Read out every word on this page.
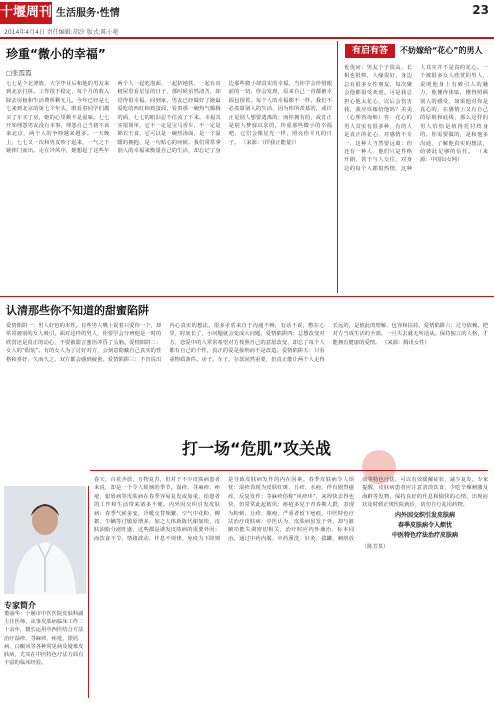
十堰周刊 生活服务·性情
2014年4月4日 责任编辑:胡汐 版式:陈小艳
23
珍重“微小的幸福”
□张霞霞
七七是个北漂族，大学毕业后和他的男友来到北京打拼。工作很不稳定，每个月的收入除去房租和生活费所剩无几。今年已经是七七来到北京的第七个年头，眼看着同学们都买了车买了房，她的心里颇不是滋味。七七开始埋怨男友没有本事，埋怨自己当初不该来北京，两个人的争吵越来越多。一天晚上，七七又一次和男友吵了起来，一气之下她摔门而出。走在冷风中，她想起了这些年两个人一起吃泡面、一起挤地铁、一起在出租屋里看星星的日子，那时候虽然清苦，却觉得很幸福。回到家，男友已经做好了她最爱吃的西红柿鸡蛋面，看着那一碗热气腾腾的面，七七的眼泪忍不住流了下来。幸福其实很简单，它不一定是宝马香车，不一定是锦衣玉食，它可以是一碗热汤面，是一个温暖的拥抱，是一句贴心的问候。我们常常拿别人的幸福来衡量自己的生活，却忘记了身边那些微小却真实的幸福。当你学会珍惜眼前的一切，你会发现，原来自己一直都被幸福包围着。每个人的幸福都不一样，我们不必羡慕别人的生活，因为你所羡慕的，或许正是别人想要逃离的；而你拥有的，或许正是别人梦寐以求的。珍重那些微小的幸福吧，它们会像星光一样，照亮你平凡的日子。 （来源：《伴我正能量》）
有启有答	不妨嫁给“花心”的男人
优优问：男友个子很高，长相也很帅，人缘很好，身边总有很多女性朋友，每次聚会他都很受欢迎。可是我总担心他太花心，以后会伤害我，我应该嫁给他吗？美美（心理咨询师）答：花心的男人其实有很多种，有的人是真正的花心，对感情不专一，这种人当然要远离；但还有一种人，他们只是性格开朗，善于与人交往，对身边的每个人都很热情，这种人其实并不是真的花心。一个被很多女人欣赏的男人，说明他身上有吸引人的魅力，他懂得体贴，懂得照顾别人的感受。如果他对你是真心的，在感情上又有自己的原则和底线，那么这样的男人恰恰是值得托付终身的。你需要做的，是和他多沟通，了解他真实的想法，给彼此足够的信任。 （来源：中国妇女网）
认清那些你不知道的甜蜜陷阱
爱情陷阱一：男人好色的本性。有些男人嘴上说着只爱你一个，却常常被别的女人吸引。面对这样的男人，你要学会分辨他是一时的欣赏还是真正的动心，不要被甜言蜜语冲昏了头脑。爱情陷阱二：女人的“假装”。有的女人为了讨好对方，会刻意隐藏自己真实的性格和喜好，久而久之，双方都会感到疲惫。爱情陷阱三：不肯说出内心真实的想法。很多矛盾来自于沟通不畅，有话不说，憋在心里，时间长了，小问题就会变成大问题。爱情陷阱四：总想改变对方。恋爱中的人常常希望对方按照自己的意愿改变，却忘了每个人都有自己的个性，真正的爱是接纳而不是改造。爱情陷阱五：只看重物质条件。房子、车子、存款固然重要，但真正能让两个人走得长远的，是彼此的理解、包容和扶持。爱情陷阱六：过分依赖。把对方当成生活的全部，一旦失去就无所适从。保持独立的人格，才能拥有健康的爱情。 （来源：腾讯女性）
打一场“危肌”攻关战
专家简介
董丽华：十堰市中医医院皮肤科副主任医师，从事皮肤病临床工作二十余年，擅长运用中西医结合方法治疗湿疹、荨麻疹、痤疮、银屑病、白癜风等各种常见病及疑难皮肤病，尤其在中医特色疗法方面有丰富的临床经验。
春天，百花齐放，万物复苏，但对于不少皮肤病患者来说，却是一个令人烦恼的季节。湿疹、荨麻疹、痤疮、银屑病等皮肤病在春季容易复发或加重，给患者的工作和生活带来诸多不便。内外因交织引发皮肤病：春季气候多变，冷暖交替频繁，空气中花粉、柳絮、尘螨等过敏原增多，加之人体新陈代谢加快，皮肤油脂分泌旺盛，这些都是诱发皮肤病的重要外因；而饮食不节、情绪波动、作息不规律、免疫力下降则是导致皮肤病发作的内在因素。春季皮肤病令人烦忧：湿疹表现为皮肤红斑、丘疹、水疱，伴有剧烈瘙痒，反复发作；荨麻疹俗称“风疹块”，来得快去得也快，但常常此起彼伏；痤疮多见于青春期人群，表现为粉刺、丘疹、脓疱，严重者留下疤痕。中医特色疗法治疗皮肤病：中医认为，皮肤病虽发于外，却与脏腑功能失调密切相关，治疗时应内外兼治、标本同治。通过中药内服、中药熏洗、针灸、拔罐、刺络放血等特色疗法，可以有效缓解症状，减少复发。专家提醒，皮肤病患者应注意清淡饮食，少吃辛辣刺激及海鲜等发物，保持良好的作息和愉快的心情，出现症状及时到正规医院就诊，切勿自行乱用药物。
内外因交织引发皮肤病
春季皮肤病令人烦忧
中医特色疗法治疗皮肤病
（陈芳莫）
